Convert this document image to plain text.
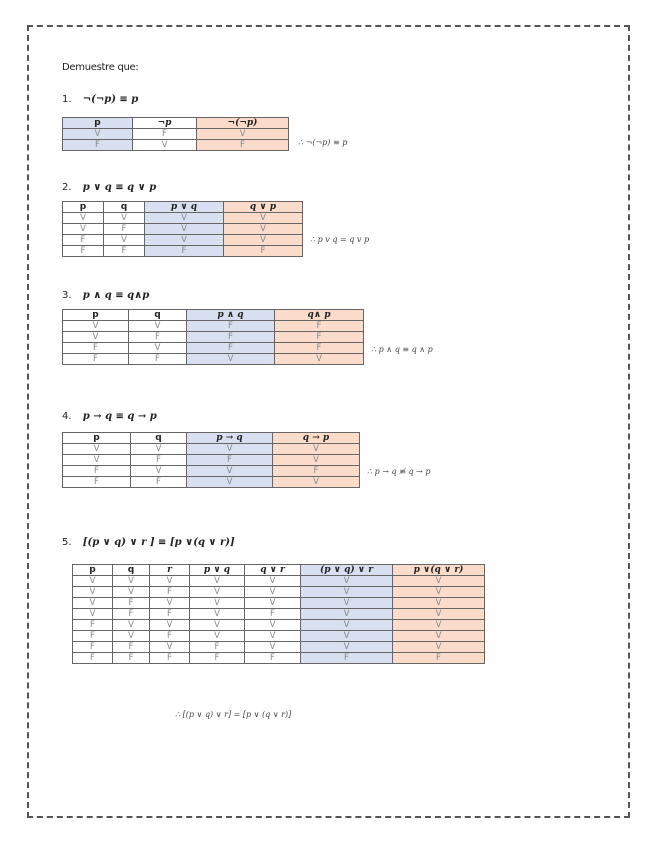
Demuestre que:
1. ¬(¬p) ≡ p
p	¬p	¬(¬p)
V	F	V
F	V	F	∴ ¬(¬p) ≡ p
2. p ∨ q ≡ q ∨ p
p	q	p ∨ q	q ∨ p
V	V	V	V
V	F	V	V
F	V	V	V
F	F	F	F
∴ p v q = q v p
3. p ∧ q ≡ q∧p
p	q	p ∧ q	q∧ p
V	V	F	F
V	F	F	F
F	V	F	F
F	F	V	V
∴ p ∧ q ≡ q ∧ p
4. p → q ≡ q → p
p	q	p → q	q → p
V	V	V	V
V	F	F	V
F	V	V	F
F	F	V	V
∴ p → q ≢ q → p
5. [(p ∨ q) ∨ r ] ≡ [p ∨(q ∨ r)]
p	q	r	p ∨ q	q ∨ r	(p ∨ q) ∨ r	p ∨(q ∨ r)
V	V	V	V	V	V	V
V	V	F	V	V	V	V
V	F	V	V	V	V	V
V	F	F	V	F	V	V
F	V	V	V	V	V	V
F	V	F	V	V	V	V
F	F	V	F	V	V	V
F	F	F	F	F	F	F
∴ [(p ∨ q) ∨ r] = [p ∨ (q ∨ r)]
